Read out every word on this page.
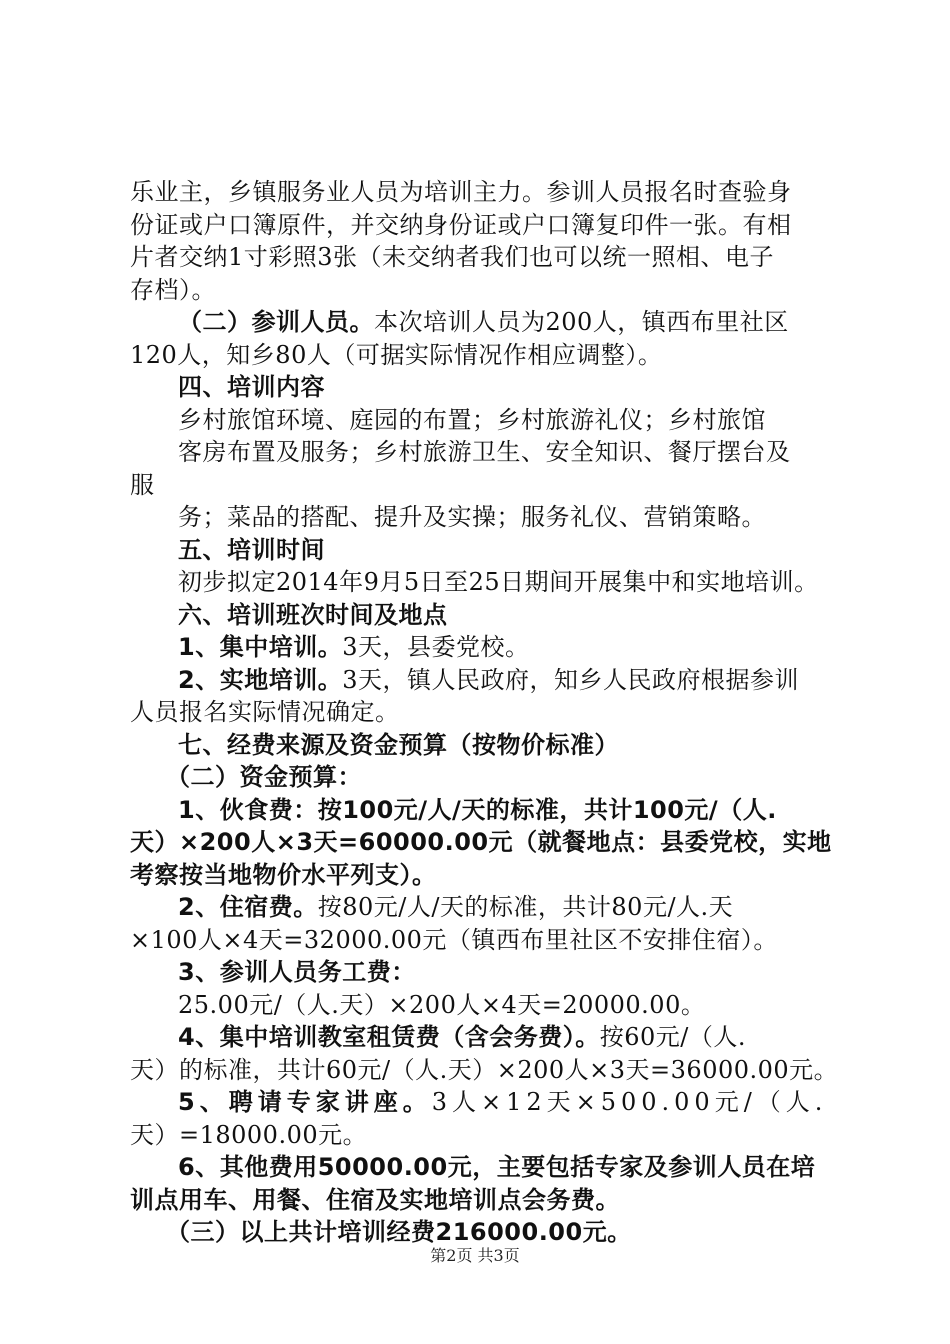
乐业主，乡镇服务业人员为培训主力。参训人员报名时查验身
份证或户口簿原件，并交纳身份证或户口簿复印件一张。有相
片者交纳1寸彩照3张（未交纳者我们也可以统一照相、电子
存档）。
（二）参训人员。本次培训人员为200人，镇西布里社区
120人，知乡80人（可据实际情况作相应调整）。
四、培训内容
乡村旅馆环境、庭园的布置；乡村旅游礼仪；乡村旅馆
客房布置及服务；乡村旅游卫生、安全知识、餐厅摆台及
服
务；菜品的搭配、提升及实操；服务礼仪、营销策略。
五、培训时间
初步拟定2014年9月5日至25日期间开展集中和实地培训。
六、培训班次时间及地点
1、集中培训。3天，县委党校。
2、实地培训。3天，镇人民政府，知乡人民政府根据参训
人员报名实际情况确定。
七、经费来源及资金预算（按物价标准）
（二）资金预算：
1、伙食费：按100元/人/天的标准，共计100元/（人.
天）×200人×3天=60000.00元（就餐地点：县委党校，实地
考察按当地物价水平列支）。
2、住宿费。按80元/人/天的标准，共计80元/人.天
×100人×4天=32000.00元（镇西布里社区不安排住宿）。
3、参训人员务工费：
25.00元/（人.天）×200人×4天=20000.00。
4、集中培训教室租赁费（含会务费）。按60元/（人.
天）的标准，共计60元/（人.天）×200人×3天=36000.00元。
5、聘请专家讲座。3人×12天×500.00元/（人.
天）=18000.00元。
6、其他费用50000.00元，主要包括专家及参训人员在培
训点用车、用餐、住宿及实地培训点会务费。
（三）以上共计培训经费216000.00元。
第2页 共3页
